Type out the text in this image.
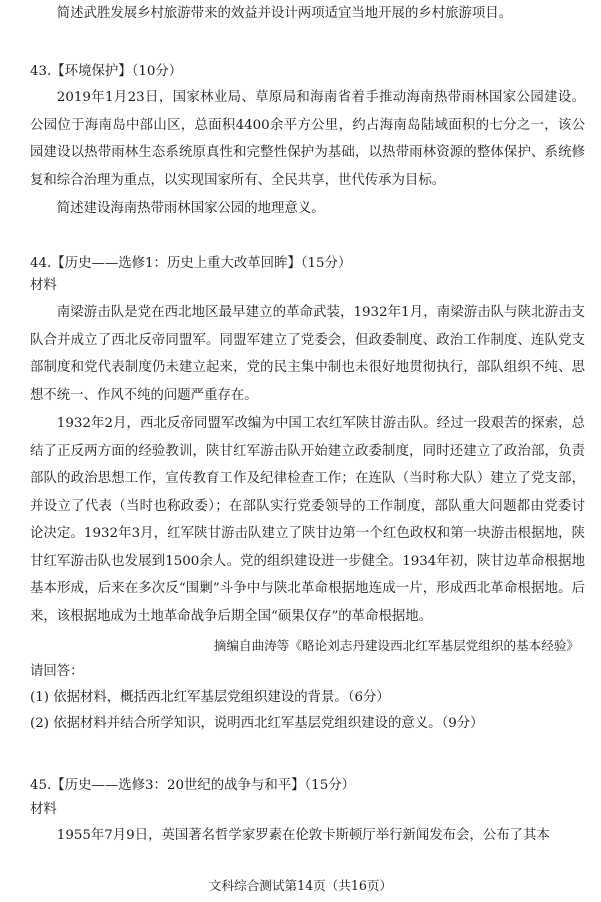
简述武胜发展乡村旅游带来的效益并设计两项适宜当地开展的乡村旅游项目。

43.【环境保护】（10分）

2019年1月23日，国家林业局、草原局和海南省着手推动海南热带雨林国家公园建设。公园位于海南岛中部山区，总面积4400余平方公里，约占海南岛陆域面积的七分之一，该公园建设以热带雨林生态系统原真性和完整性保护为基础，以热带雨林资源的整体保护、系统修复和综合治理为重点，以实现国家所有、全民共享，世代传承为目标。

简述建设海南热带雨林国家公园的地理意义。

44.【历史——选修1：历史上重大改革回眸】（15分）

材料

南梁游击队是党在西北地区最早建立的革命武装，1932年1月，南梁游击队与陕北游击支队合并成立了西北反帝同盟军。同盟军建立了党委会，但政委制度、政治工作制度、连队党支部制度和党代表制度仍未建立起来，党的民主集中制也未很好地贯彻执行，部队组织不纯、思想不统一、作风不纯的问题严重存在。

1932年2月，西北反帝同盟军改编为中国工农红军陕甘游击队。经过一段艰苦的探索，总结了正反两方面的经验教训，陕甘红军游击队开始建立政委制度，同时还建立了政治部，负责部队的政治思想工作，宣传教育工作及纪律检查工作；在连队（当时称大队）建立了党支部，并设立了代表（当时也称政委）；在部队实行党委领导的工作制度，部队重大问题都由党委讨论决定。1932年3月，红军陕甘游击队建立了陕甘边第一个红色政权和第一块游击根据地，陕甘红军游击队也发展到1500余人。党的组织建设进一步健全。1934年初，陕甘边革命根据地基本形成，后来在多次反“围剿”斗争中与陕北革命根据地连成一片，形成西北革命根据地。后来，该根据地成为土地革命战争后期全国“硕果仅存”的革命根据地。

摘编自曲涛等《略论刘志丹建设西北红军基层党组织的基本经验》

请回答：

(1) 依据材料，概括西北红军基层党组织建设的背景。（6分）

(2) 依据材料并结合所学知识，说明西北红军基层党组织建设的意义。（9分）

45.【历史——选修3：20世纪的战争与和平】（15分）

材料

1955年7月9日，英国著名哲学家罗素在伦敦卡斯顿厅举行新闻发布会，公布了其本

文科综合测试第14页（共16页）
